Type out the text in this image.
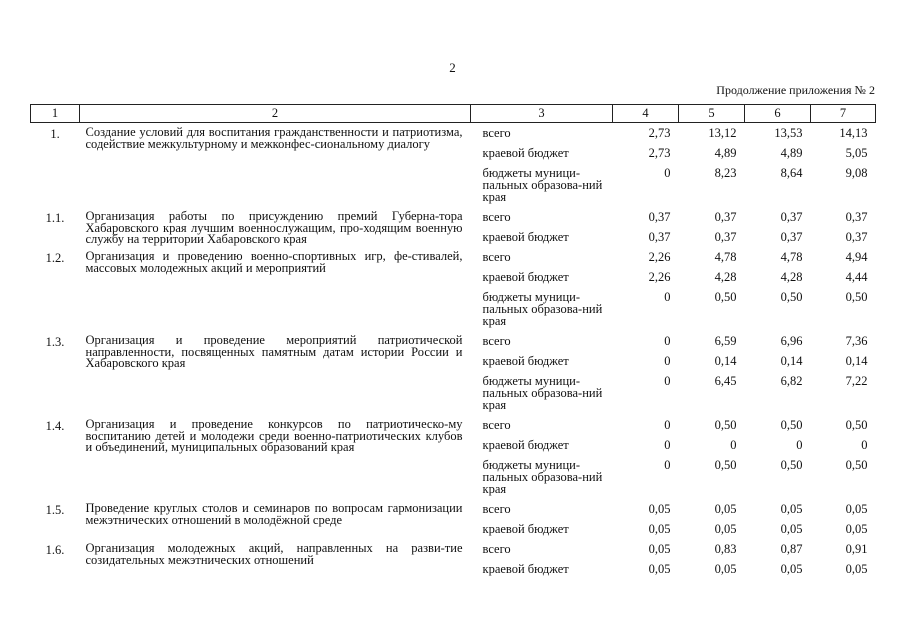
2
Продолжение приложения № 2
1	2	3	4	5	6	7
1.	Создание условий для воспитания гражданственности и патриотизма, содействие межкультурному и межконфес-сиональному диалогу	всего	2,73	13,12	13,53	14,13

		краевой бюджет	2,73	4,89	4,89	5,05

		бюджеты муници-пальных образова-ний края	0	8,23	8,64	9,08

1.1.	Организация работы по присуждению премий Губерна-тора Хабаровского края лучшим военнослужащим, про-ходящим военную службу на территории Хабаровского края	всего	0,37	0,37	0,37	0,37

		краевой бюджет	0,37	0,37	0,37	0,37

1.2.	Организация и проведению военно-спортивных игр, фе-стивалей, массовых молодежных акций и мероприятий	всего	2,26	4,78	4,78	4,94

		краевой бюджет	2,26	4,28	4,28	4,44

		бюджеты муници-пальных образова-ний края	0	0,50	0,50	0,50

1.3.	Организация и проведение мероприятий патриотической направленности, посвященных памятным датам истории России и Хабаровского края	всего	0	6,59	6,96	7,36

		краевой бюджет	0	0,14	0,14	0,14

		бюджеты муници-пальных образова-ний края	0	6,45	6,82	7,22

1.4.	Организация и проведение конкурсов по патриотическо-му воспитанию детей и молодежи среди военно-патриотических клубов и объединений, муниципальных образований края	всего	0	0,50	0,50	0,50

		краевой бюджет	0	0	0	0

		бюджеты муници-пальных образова-ний края	0	0,50	0,50	0,50

1.5.	Проведение круглых столов и семинаров по вопросам гармонизации межэтнических отношений в молодёжной среде	всего	0,05	0,05	0,05	0,05

		краевой бюджет	0,05	0,05	0,05	0,05

1.6.	Организация молодежных акций, направленных на разви-тие созидательных межэтнических отношений	всего	0,05	0,83	0,87	0,91

		краевой бюджет	0,05	0,05	0,05	0,05
